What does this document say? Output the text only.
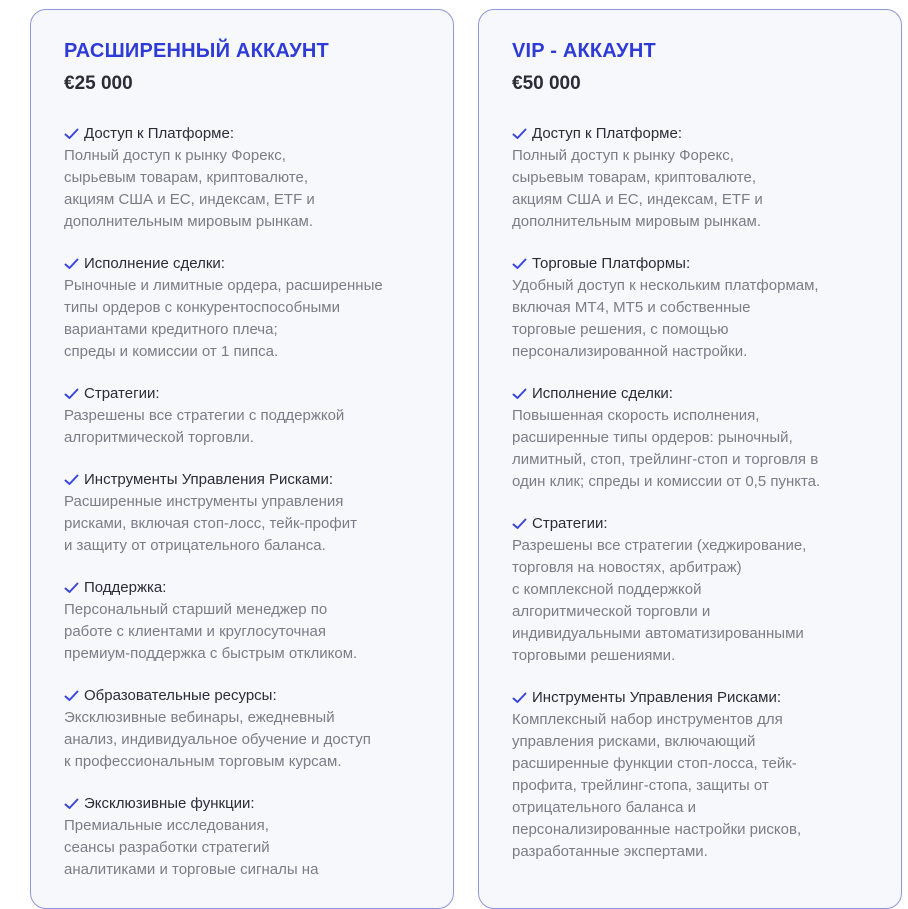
РАСШИРЕННЫЙ АККАУНТ
€25 000
Доступ к Платформе:
Полный доступ к рынку Форекс,
сырьевым товарам, криптовалюте,
акциям США и ЕС, индексам, ETF и
дополнительным мировым рынкам.
Исполнение сделки:
Рыночные и лимитные ордера, расширенные
типы ордеров с конкурентоспособными
вариантами кредитного плеча;
спреды и комиссии от 1 пипса.
Стратегии:
Разрешены все стратегии с поддержкой
алгоритмической торговли.
Инструменты Управления Рисками:
Расширенные инструменты управления
рисками, включая стоп-лосс, тейк-профит
и защиту от отрицательного баланса.
Поддержка:
Персональный старший менеджер по
работе с клиентами и круглосуточная
премиум-поддержка с быстрым откликом.
Образовательные ресурсы:
Эксклюзивные вебинары, ежедневный
анализ, индивидуальное обучение и доступ
к профессиональным торговым курсам.
Эксклюзивные функции:
Премиальные исследования,
сеансы разработки стратегий
аналитиками и торговые сигналы на
VIP - АККАУНТ
€50 000
Доступ к Платформе:
Полный доступ к рынку Форекс,
сырьевым товарам, криптовалюте,
акциям США и ЕС, индексам, ETF и
дополнительным мировым рынкам.
Торговые Платформы:
Удобный доступ к нескольким платформам,
включая МТ4, МТ5 и собственные
торговые решения, с помощью
персонализированной настройки.
Исполнение сделки:
Повышенная скорость исполнения,
расширенные типы ордеров: рыночный,
лимитный, стоп, трейлинг-стоп и торговля в
один клик; спреды и комиссии от 0,5 пункта.
Стратегии:
Разрешены все стратегии (хеджирование,
торговля на новостях, арбитраж)
с комплексной поддержкой
алгоритмической торговли и
индивидуальными автоматизированными
торговыми решениями.
Инструменты Управления Рисками:
Комплексный набор инструментов для
управления рисками, включающий
расширенные функции стоп-лосса, тейк-
профита, трейлинг-стопа, защиты от
отрицательного баланса и
персонализированные настройки рисков,
разработанные экспертами.
